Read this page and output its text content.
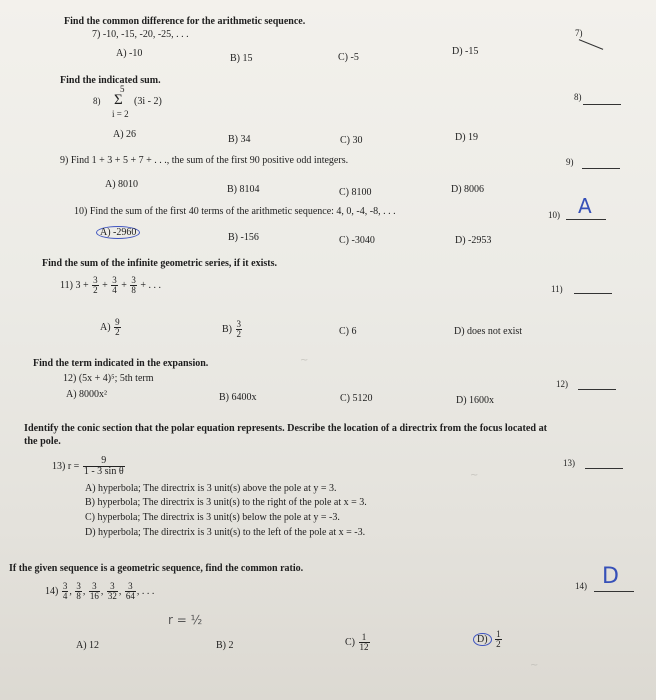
~
~
~
Find the common difference for the arithmetic sequence.
7) -10, -15, -20, -25, . . .
A) -10	B) 15	C) -5
D) -15
7)
Find the indicated sum.
8)
5
Σ
i = 2
(3i - 2)	8)
A) 26	B) 34	C) 30	D) 19
9) Find 1 + 3 + 5 + 7 + . . ., the sum of the first 90 positive odd integers.	9)
A) 8010	B) 8104	C) 8100	D) 8006
10) Find the sum of the first 40 terms of the arithmetic sequence: 4, 0, -4, -8, . . .	10) A
A) -2960	B) -156	C) -3040	D) -2953
Find the sum of the infinite geometric series, if it exists.
11) $3 + \frac{3}{2} + \frac{3}{4} + \frac{3}{8}$ + . . .	11)
$A) \frac{9}{2}$	$B) \frac{3}{2}$	C) 6	D) does not exist
Find the term indicated in the expansion.
12) (5x + 4)⁵; 5th term	12)
A) 8000x²	B) 6400x	C) 5120	D) 1600x
Identify the conic section that the polar equation represents. Describe the location of a directrix from the focus located at
the pole.
13) $r = \frac{9}{\text{1 - 3 sin θ}}$	13)
A) hyperbola; The directrix is 3 unit(s) above the pole at y = 3.
B) hyperbola; The directrix is 3 unit(s) to the right of the pole at x = 3.
C) hyperbola; The directrix is 3 unit(s) below the pole at y = -3.
D) hyperbola; The directrix is 3 unit(s) to the left of the pole at x = -3.
If the given sequence is a geometric sequence, find the common ratio.
$14) \frac{3}{4}$ , $\frac{3}{8}$ , $\frac{3}{16}$ , $\frac{3}{32}$ , $\frac{3}{64}$ , . . .	14) D
r = ½
A) 12	B) 2	$C) \frac{1}{12}$	$D) \frac{1}{2}$
